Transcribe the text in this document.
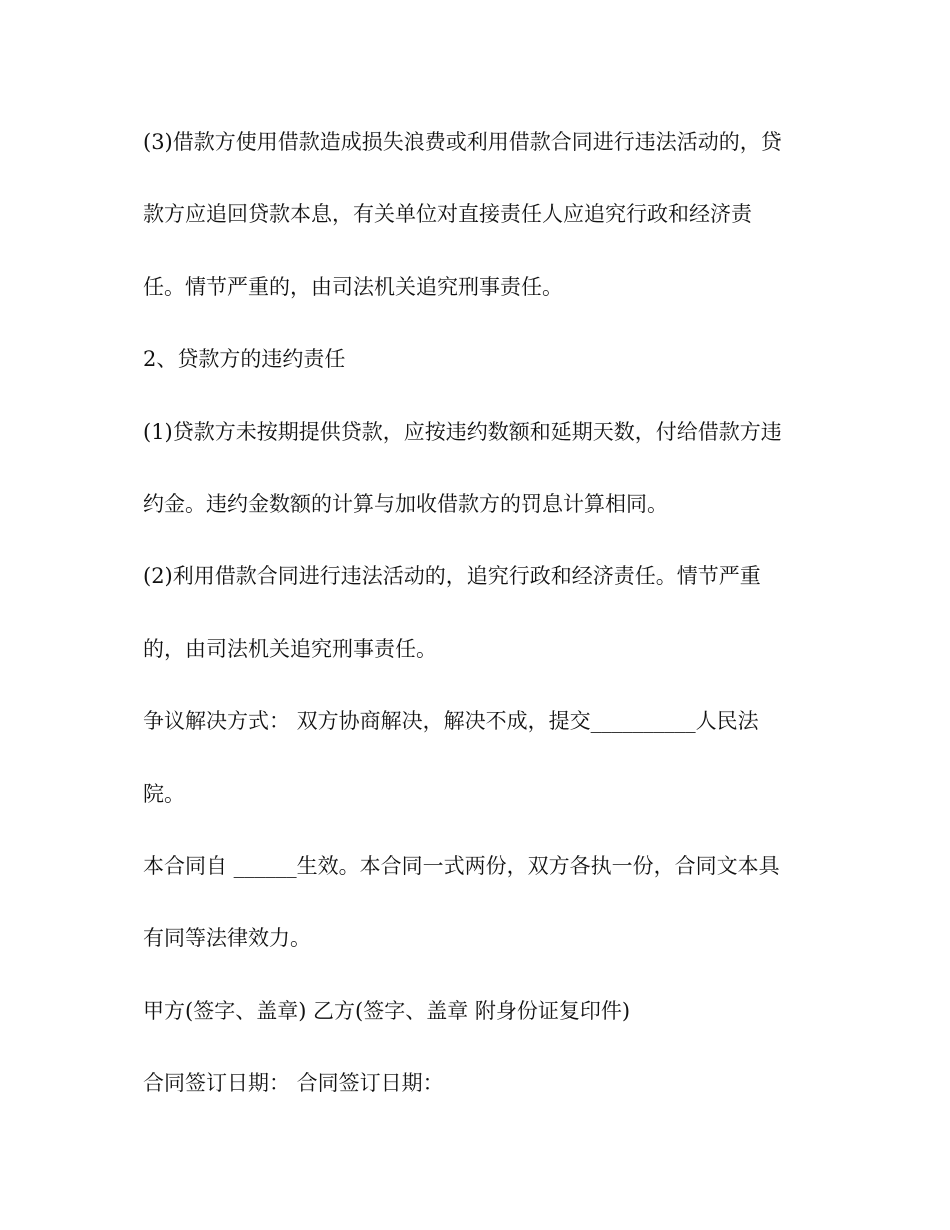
(3)借款方使用借款造成损失浪费或利用借款合同进行违法活动的，贷
款方应追回贷款本息，有关单位对直接责任人应追究行政和经济责
任。情节严重的，由司法机关追究刑事责任。
2、贷款方的违约责任
(1)贷款方未按期提供贷款，应按违约数额和延期天数，付给借款方违
约金。违约金数额的计算与加收借款方的罚息计算相同。
(2)利用借款合同进行违法活动的，追究行政和经济责任。情节严重
的，由司法机关追究刑事责任。
争议解决方式： 双方协商解决，解决不成，提交__________人民法
院。
本合同自 ______生效。本合同一式两份，双方各执一份，合同文本具
有同等法律效力。
甲方(签字、盖章) 乙方(签字、盖章 附身份证复印件)
合同签订日期： 合同签订日期：
